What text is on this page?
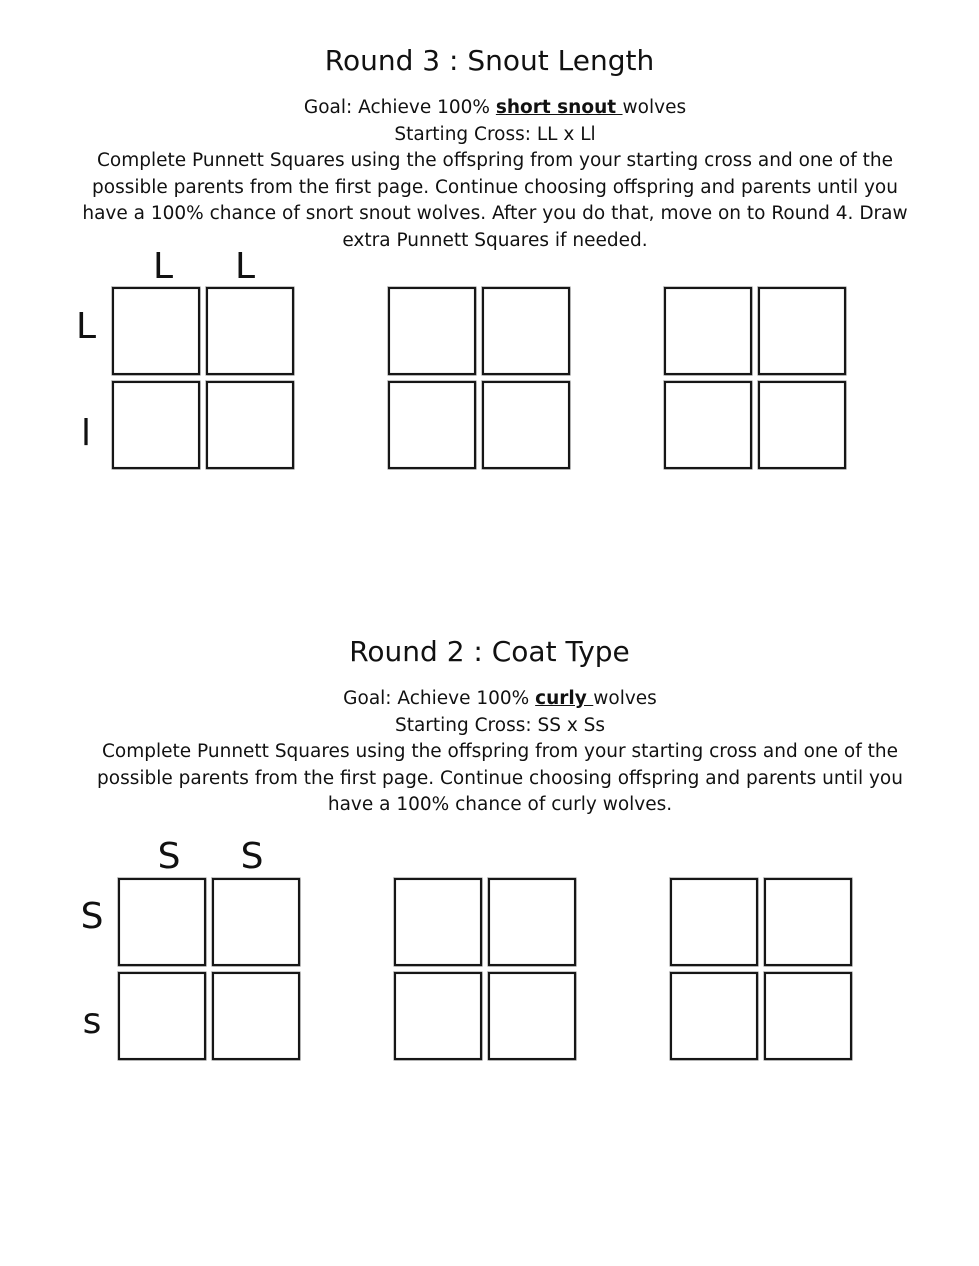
Round 3 : Snout Length
Goal: Achieve 100% short snout wolves
Starting Cross: LL x Ll
Complete Punnett Squares using the offspring from your starting cross and one of the possible parents from the first page. Continue choosing offspring and parents until you have a 100% chance of snort snout wolves. After you do that, move on to Round 4. Draw extra Punnett Squares if needed.
L L
L
l
Round 2 : Coat Type
Goal: Achieve 100% curly wolves
Starting Cross: SS x Ss
Complete Punnett Squares using the offspring from your starting cross and one of the possible parents from the first page. Continue choosing offspring and parents until you have a 100% chance of curly wolves.
S S
S
s
